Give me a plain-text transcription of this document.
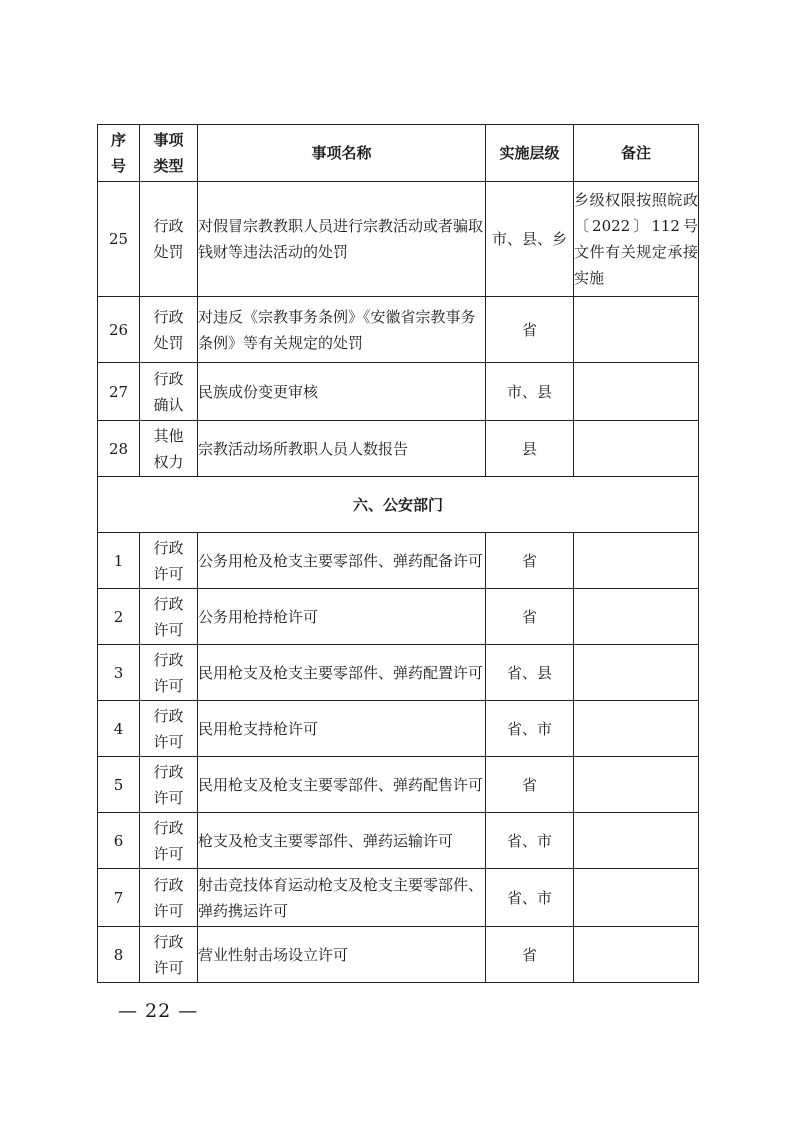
序号	事项类型	事项名称	实施层级	备注
25	行政处罚	对假冒宗教教职人员进行宗教活动或者骗取钱财等违法活动的处罚	市、县、乡	乡级权限按照皖政〔2022〕112号文件有关规定承接实施
26	行政处罚	对违反《宗教事务条例》《安徽省宗教事务条例》等有关规定的处罚	省	
27	行政确认	民族成份变更审核	市、县	
28	其他权力	宗教活动场所教职人员人数报告	县	
六、公安部门				
1	行政许可	公务用枪及枪支主要零部件、弹药配备许可	省	
2	行政许可	公务用枪持枪许可	省	
3	行政许可	民用枪支及枪支主要零部件、弹药配置许可	省、县	
4	行政许可	民用枪支持枪许可	省、市	
5	行政许可	民用枪支及枪支主要零部件、弹药配售许可	省	
6	行政许可	枪支及枪支主要零部件、弹药运输许可	省、市	
7	行政许可	射击竞技体育运动枪支及枪支主要零部件、弹药携运许可	省、市	
8	行政许可	营业性射击场设立许可	省	
— 22 —
